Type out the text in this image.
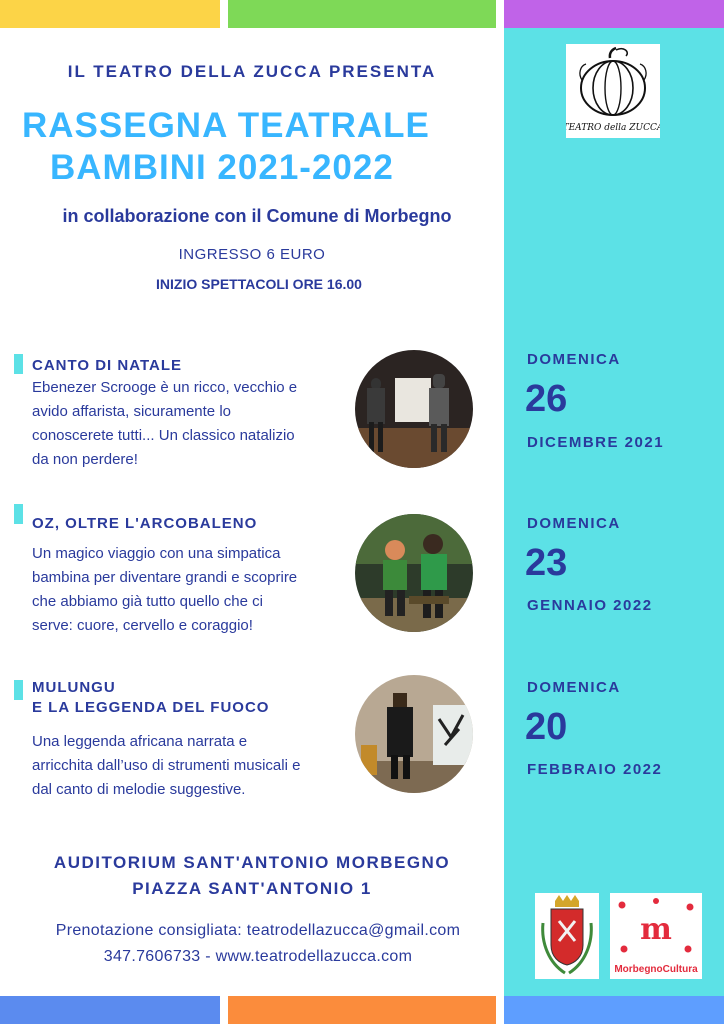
TEATRO della ZUCCA
IL TEATRO DELLA ZUCCA PRESENTA
RASSEGNA TEATRALE
BAMBINI 2021-2022
in collaborazione con il Comune di Morbegno
INGRESSO 6 EURO
INIZIO SPETTACOLI ORE 16.00
CANTO DI NATALE
Ebenezer Scrooge è un ricco, vecchio e
avido affarista, sicuramente lo
conoscerete tutti... Un classico natalizio
da non perdere!
DOMENICA
26
DICEMBRE 2021
OZ, OLTRE L'ARCOBALENO
Un magico viaggio con una simpatica
bambina per diventare grandi e scoprire
che abbiamo già tutto quello che ci
serve: cuore, cervello e coraggio!
DOMENICA
23
GENNAIO 2022
MULUNGU
E LA LEGGENDA DEL FUOCO
Una leggenda africana narrata e
arricchita dall’uso di strumenti musicali e
dal canto di melodie suggestive.
DOMENICA
20
FEBBRAIO 2022
AUDITORIUM SANT'ANTONIO MORBEGNO
PIAZZA SANT'ANTONIO 1
Prenotazione consigliata: teatrodellazucca@gmail.com
347.7606733 - www.teatrodellazucca.com
m
MorbegnoCultura
